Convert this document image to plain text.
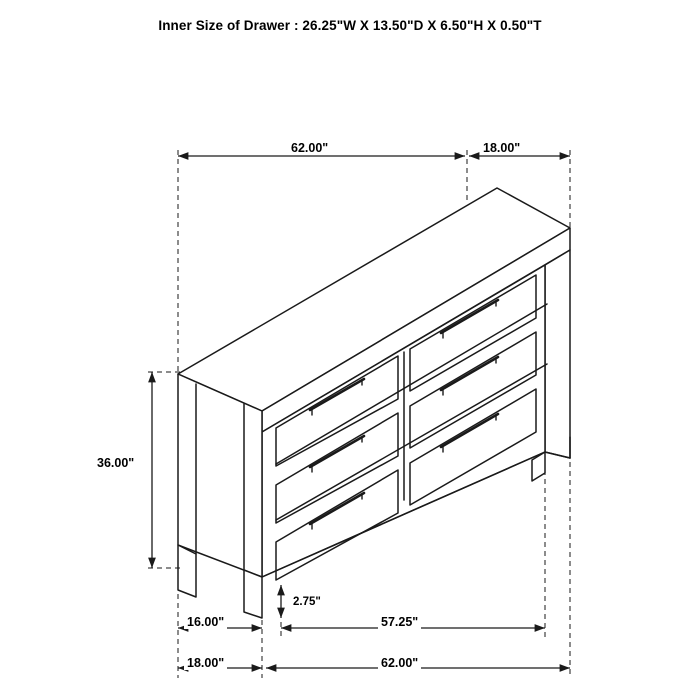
Inner Size of Drawer : 26.25"W X 13.50"D X 6.50"H X 0.50"T
62.00"	18.00"
36.00"
2.75"
16.00"	57.25"
18.00"	62.00"
